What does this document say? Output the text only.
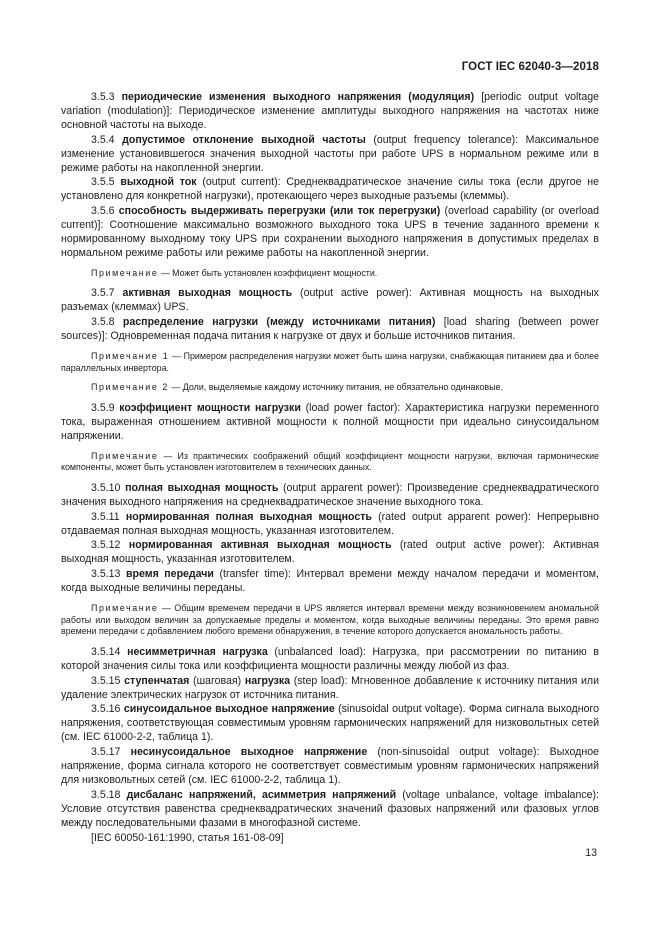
ГОСТ IEC 62040-3—2018

3.5.3 периодические изменения выходного напряжения (модуляция) [periodic output voltage variation (modulation)]: Периодическое изменение амплитуды выходного напряжения на частотах ниже основной частоты на выходе.

3.5.4 допустимое отклонение выходной частоты (output frequency tolerance): Максимальное изменение установившегося значения выходной частоты при работе UPS в нормальном режиме или в режиме работы на накопленной энергии.

3.5.5 выходной ток (output current): Среднеквадратическое значение силы тока (если другое не установлено для конкретной нагрузки), протекающего через выходные разъемы (клеммы).

3.5.6 способность выдерживать перегрузки (или ток перегрузки) (overload capability (or overload current)]: Соотношение максимально возможного выходного тока UPS в течение заданного времени к нормированному выходному току UPS при сохранении выходного напряжения в допустимых пределах в нормальном режиме работы или режиме работы на накопленной энергии.

Примечание — Может быть установлен коэффициент мощности.

3.5.7 активная выходная мощность (output active power): Активная мощность на выходных разъемах (клеммах) UPS.

3.5.8 распределение нагрузки (между источниками питания) [load sharing (between power sources)]: Одновременная подача питания к нагрузке от двух и больше источников питания.

Примечание 1 — Примером распределения нагрузки может быть шина нагрузки, снабжающая питанием два и более параллельных инвертора.

Примечание 2 — Доли, выделяемые каждому источнику питания, не обязательно одинаковые.

3.5.9 коэффициент мощности нагрузки (load power factor): Характеристика нагрузки переменного тока, выраженная отношением активной мощности к полной мощности при идеально синусоидальном напряжении.

Примечание — Из практических соображений общий коэффициент мощности нагрузки, включая гармонические компоненты, может быть установлен изготовителем в технических данных.

3.5.10 полная выходная мощность (output apparent power): Произведение среднеквадратического значения выходного напряжения на среднеквадратическое значение выходного тока.

3.5.11 нормированная полная выходная мощность (rated output apparent power): Непрерывно отдаваемая полная выходная мощность, указанная изготовителем.

3.5.12 нормированная активная выходная мощность (rated output active power): Активная выходная мощность, указанная изготовителем.

3.5.13 время передачи (transfer time): Интервал времени между началом передачи и моментом, когда выходные величины переданы.

Примечание — Общим временем передачи в UPS является интервал времени между возникновением аномальной работы или выходом величин за допускаемые пределы и моментом, когда выходные величины переданы. Это время равно времени передачи с добавлением любого времени обнаружения, в течение которого допускается аномальность работы.

3.5.14 несимметричная нагрузка (unbalanced load): Нагрузка, при рассмотрении по питанию в которой значения силы тока или коэффициента мощности различны между любой из фаз.

3.5.15 ступенчатая (шаговая) нагрузка (step load): Мгновенное добавление к источнику питания или удаление электрических нагрузок от источника питания.

3.5.16 синусоидальное выходное напряжение (sinusoidal output voltage). Форма сигнала выходного напряжения, соответствующая совместимым уровням гармонических напряжений для низковольтных сетей (см. IEC 61000-2-2, таблица 1).

3.5.17 несинусоидальное выходное напряжение (non-sinusoidal output voltage): Выходное напряжение, форма сигнала которого не соответствует совместимым уровням гармонических напряжений для низковольтных сетей (см. IEC 61000-2-2, таблица 1).

3.5.18 дисбаланс напряжений, асимметрия напряжений (voltage unbalance, voltage imbalance): Условие отсутствия равенства среднеквадратических значений фазовых напряжений или фазовых углов между последовательными фазами в многофазной системе.

[IEC 60050-161:1990, статья 161-08-09]

13
